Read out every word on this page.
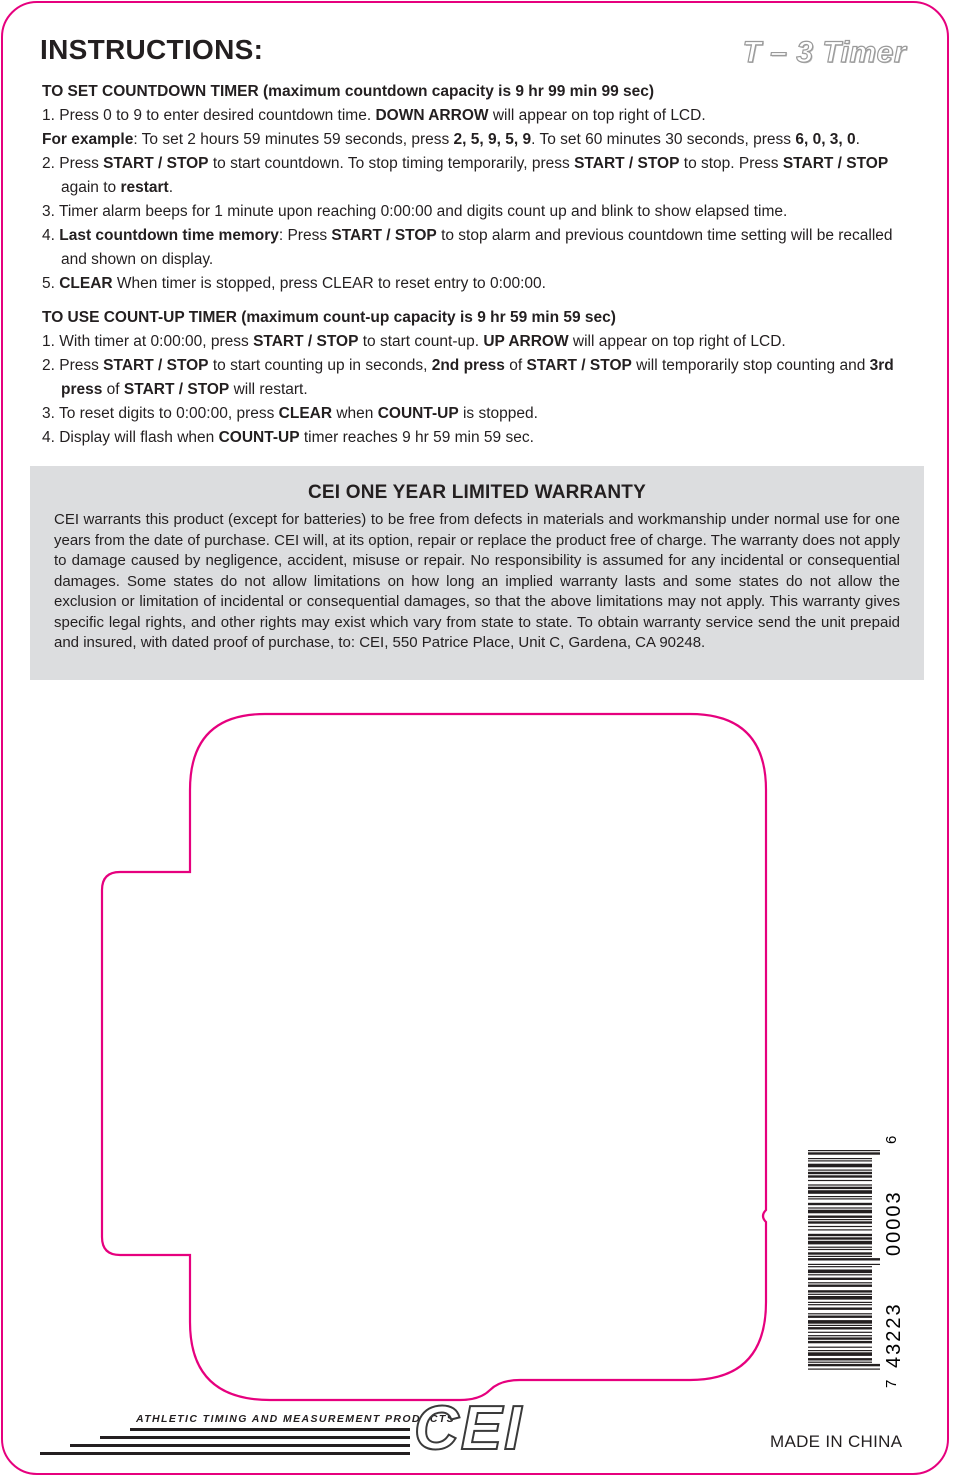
INSTRUCTIONS:	T – 3 Timer

TO SET COUNTDOWN TIMER (maximum countdown capacity is 9 hr 99 min 99 sec)

1. Press 0 to 9 to enter desired countdown time. DOWN ARROW will appear on top right of LCD.
For example: To set 2 hours 59 minutes 59 seconds, press 2, 5, 9, 5, 9. To set 60 minutes 30 seconds, press 6, 0, 3, 0.
2. Press START / STOP to start countdown. To stop timing temporarily, press START / STOP to stop. Press START / STOP again to restart.
3. Timer alarm beeps for 1 minute upon reaching 0:00:00 and digits count up and blink to show elapsed time.
4. Last countdown time memory: Press START / STOP to stop alarm and previous countdown time setting will be recalled and shown on display.
5. CLEAR When timer is stopped, press CLEAR to reset entry to 0:00:00.

TO USE COUNT-UP TIMER (maximum count-up capacity is 9 hr 59 min 59 sec)

1. With timer at 0:00:00, press START / STOP to start count-up. UP ARROW will appear on top right of LCD.
2. Press START / STOP to start counting up in seconds, 2nd press of START / STOP will temporarily stop counting and 3rd press of START / STOP will restart.
3. To reset digits to 0:00:00, press CLEAR when COUNT-UP is stopped.
4. Display will flash when COUNT-UP timer reaches 9 hr 59 min 59 sec.
CEI ONE YEAR LIMITED WARRANTY

CEI warrants this product (except for batteries) to be free from defects in materials and workmanship under normal use for one years from the date of purchase. CEI will, at its option, repair or replace the product free of charge. The warranty does not apply to damage caused by negligence, accident, misuse or repair. No responsibility is assumed for any incidental or consequential damages. Some states do not allow limitations on how long an implied warranty lasts and some states do not allow the exclusion or limitation of incidental or consequential damages, so that the above limitations may not apply. This warranty gives specific legal rights, and other rights may exist which vary from state to state. To obtain warranty service send the unit prepaid and insured, with dated proof of purchase, to: CEI, 550 Patrice Place, Unit C, Gardena, CA 90248.

7
43223
00003
6
ATHLETIC TIMING AND MEASUREMENT PRODUCTS
CEI	MADE IN CHINA
